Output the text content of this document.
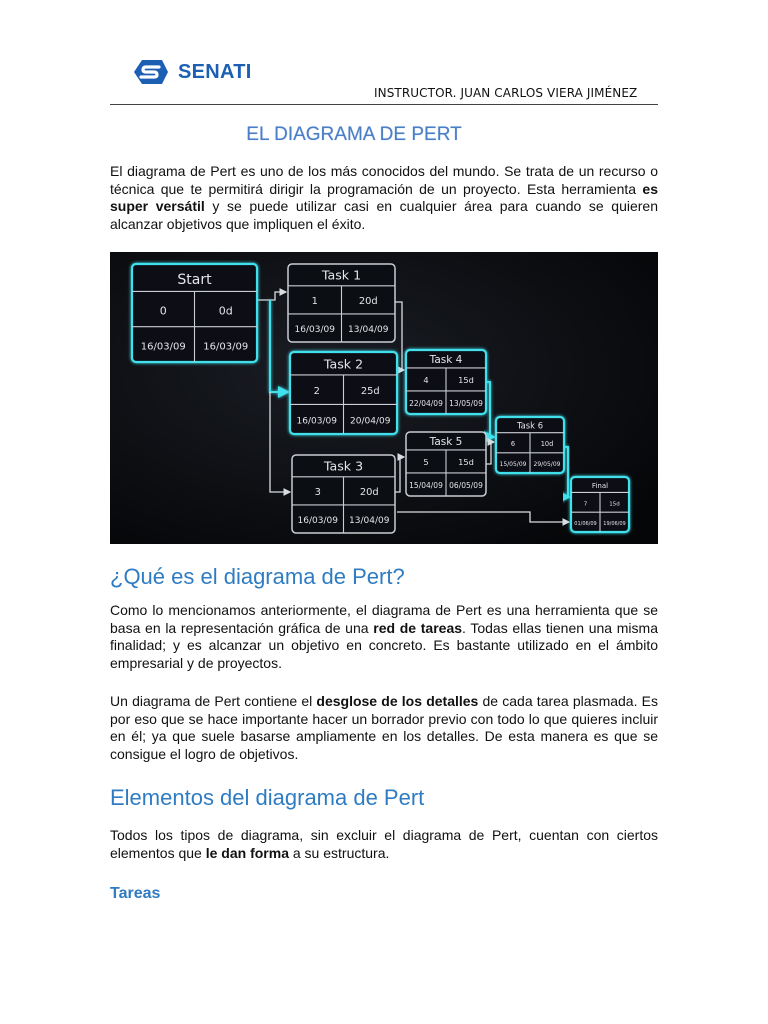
SENATI
INSTRUCTOR. JUAN CARLOS VIERA JIMÉNEZ
EL DIAGRAMA DE PERT

El diagrama de Pert es uno de los más conocidos del mundo. Se trata de un recurso o técnica que te permitirá dirigir la programación de un proyecto. Esta herramienta es super versátil y se puede utilizar casi en cualquier área para cuando se quieren alcanzar objetivos que impliquen el éxito.

Start
0	0d
16/03/09 16/03/09
Task 1
1	20d
16/03/09 13/04/09
Task 2
2	25d
16/03/09 20/04/09
Task 3
3	20d
16/03/09 13/04/09
Task 4
4	15d
22/04/09 13/05/09
Task 5
5	15d
15/04/09 06/05/09
Task 6
6	10d
15/05/09 29/05/09
Final
7	15d
01/06/09 19/06/09
¿Qué es el diagrama de Pert?

Como lo mencionamos anteriormente, el diagrama de Pert es una herramienta que se basa en la representación gráfica de una red de tareas. Todas ellas tienen una misma finalidad; y es alcanzar un objetivo en concreto. Es bastante utilizado en el ámbito empresarial y de proyectos.

Un diagrama de Pert contiene el desglose de los detalles de cada tarea plasmada. Es por eso que se hace importante hacer un borrador previo con todo lo que quieres incluir en él; ya que suele basarse ampliamente en los detalles. De esta manera es que se consigue el logro de objetivos.

Elementos del diagrama de Pert

Todos los tipos de diagrama, sin excluir el diagrama de Pert, cuentan con ciertos elementos que le dan forma a su estructura.

Tareas
